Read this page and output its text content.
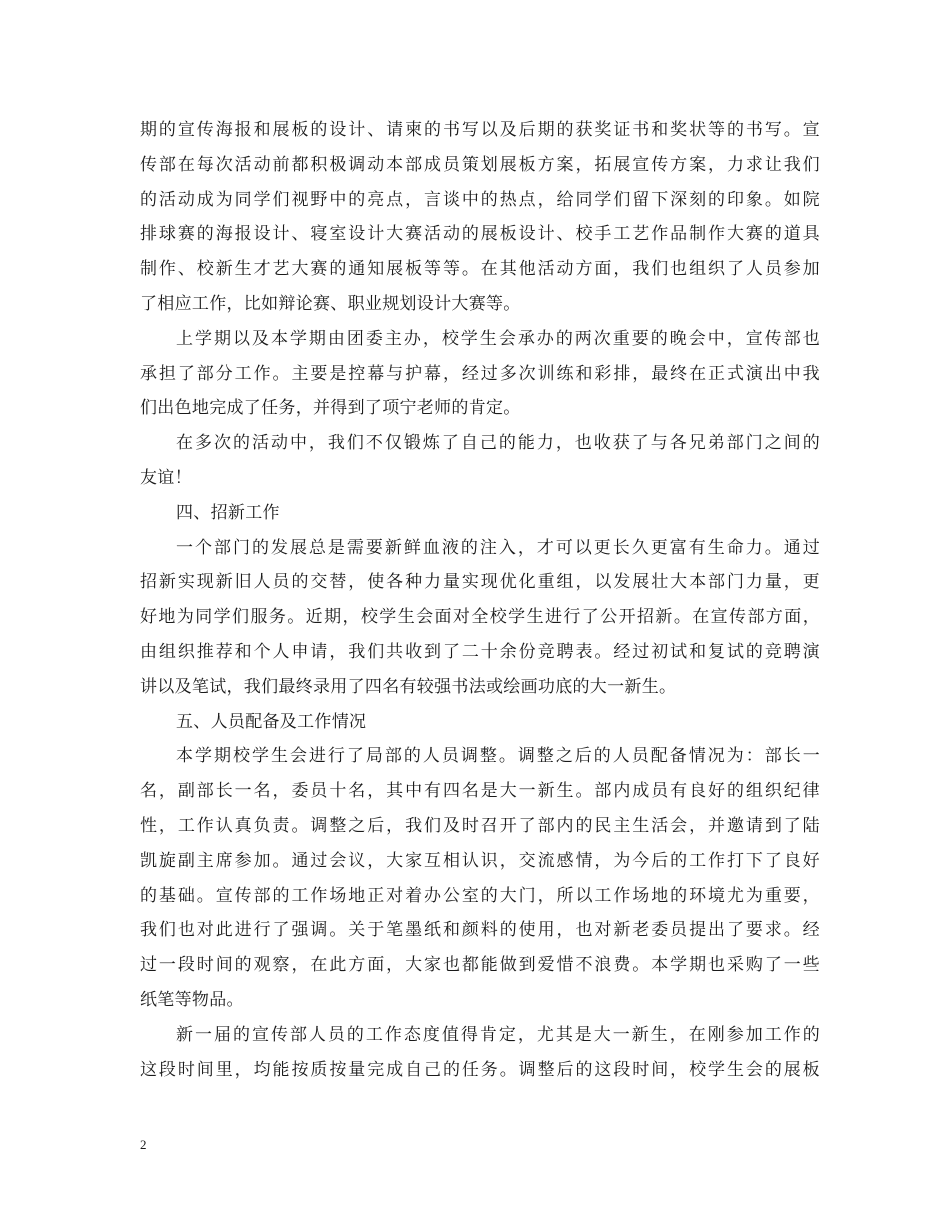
期的宣传海报和展板的设计、请柬的书写以及后期的获奖证书和奖状等的书写。宣
传部在每次活动前都积极调动本部成员策划展板方案，拓展宣传方案，力求让我们
的活动成为同学们视野中的亮点，言谈中的热点，给同学们留下深刻的印象。如院
排球赛的海报设计、寝室设计大赛活动的展板设计、校手工艺作品制作大赛的道具
制作、校新生才艺大赛的通知展板等等。在其他活动方面，我们也组织了人员参加
了相应工作，比如辩论赛、职业规划设计大赛等。
上学期以及本学期由团委主办，校学生会承办的两次重要的晚会中，宣传部也
承担了部分工作。主要是控幕与护幕，经过多次训练和彩排，最终在正式演出中我
们出色地完成了任务，并得到了项宁老师的肯定。
在多次的活动中，我们不仅锻炼了自己的能力，也收获了与各兄弟部门之间的
友谊！
四、招新工作
一个部门的发展总是需要新鲜血液的注入，才可以更长久更富有生命力。通过
招新实现新旧人员的交替，使各种力量实现优化重组，以发展壮大本部门力量，更
好地为同学们服务。近期，校学生会面对全校学生进行了公开招新。在宣传部方面，
由组织推荐和个人申请，我们共收到了二十余份竞聘表。经过初试和复试的竞聘演
讲以及笔试，我们最终录用了四名有较强书法或绘画功底的大一新生。
五、人员配备及工作情况
本学期校学生会进行了局部的人员调整。调整之后的人员配备情况为：部长一
名，副部长一名，委员十名，其中有四名是大一新生。部内成员有良好的组织纪律
性，工作认真负责。调整之后，我们及时召开了部内的民主生活会，并邀请到了陆
凯旋副主席参加。通过会议，大家互相认识，交流感情，为今后的工作打下了良好
的基础。宣传部的工作场地正对着办公室的大门，所以工作场地的环境尤为重要，
我们也对此进行了强调。关于笔墨纸和颜料的使用，也对新老委员提出了要求。经
过一段时间的观察，在此方面，大家也都能做到爱惜不浪费。本学期也采购了一些
纸笔等物品。
新一届的宣传部人员的工作态度值得肯定，尤其是大一新生，在刚参加工作的
这段时间里，均能按质按量完成自己的任务。调整后的这段时间，校学生会的展板
2
